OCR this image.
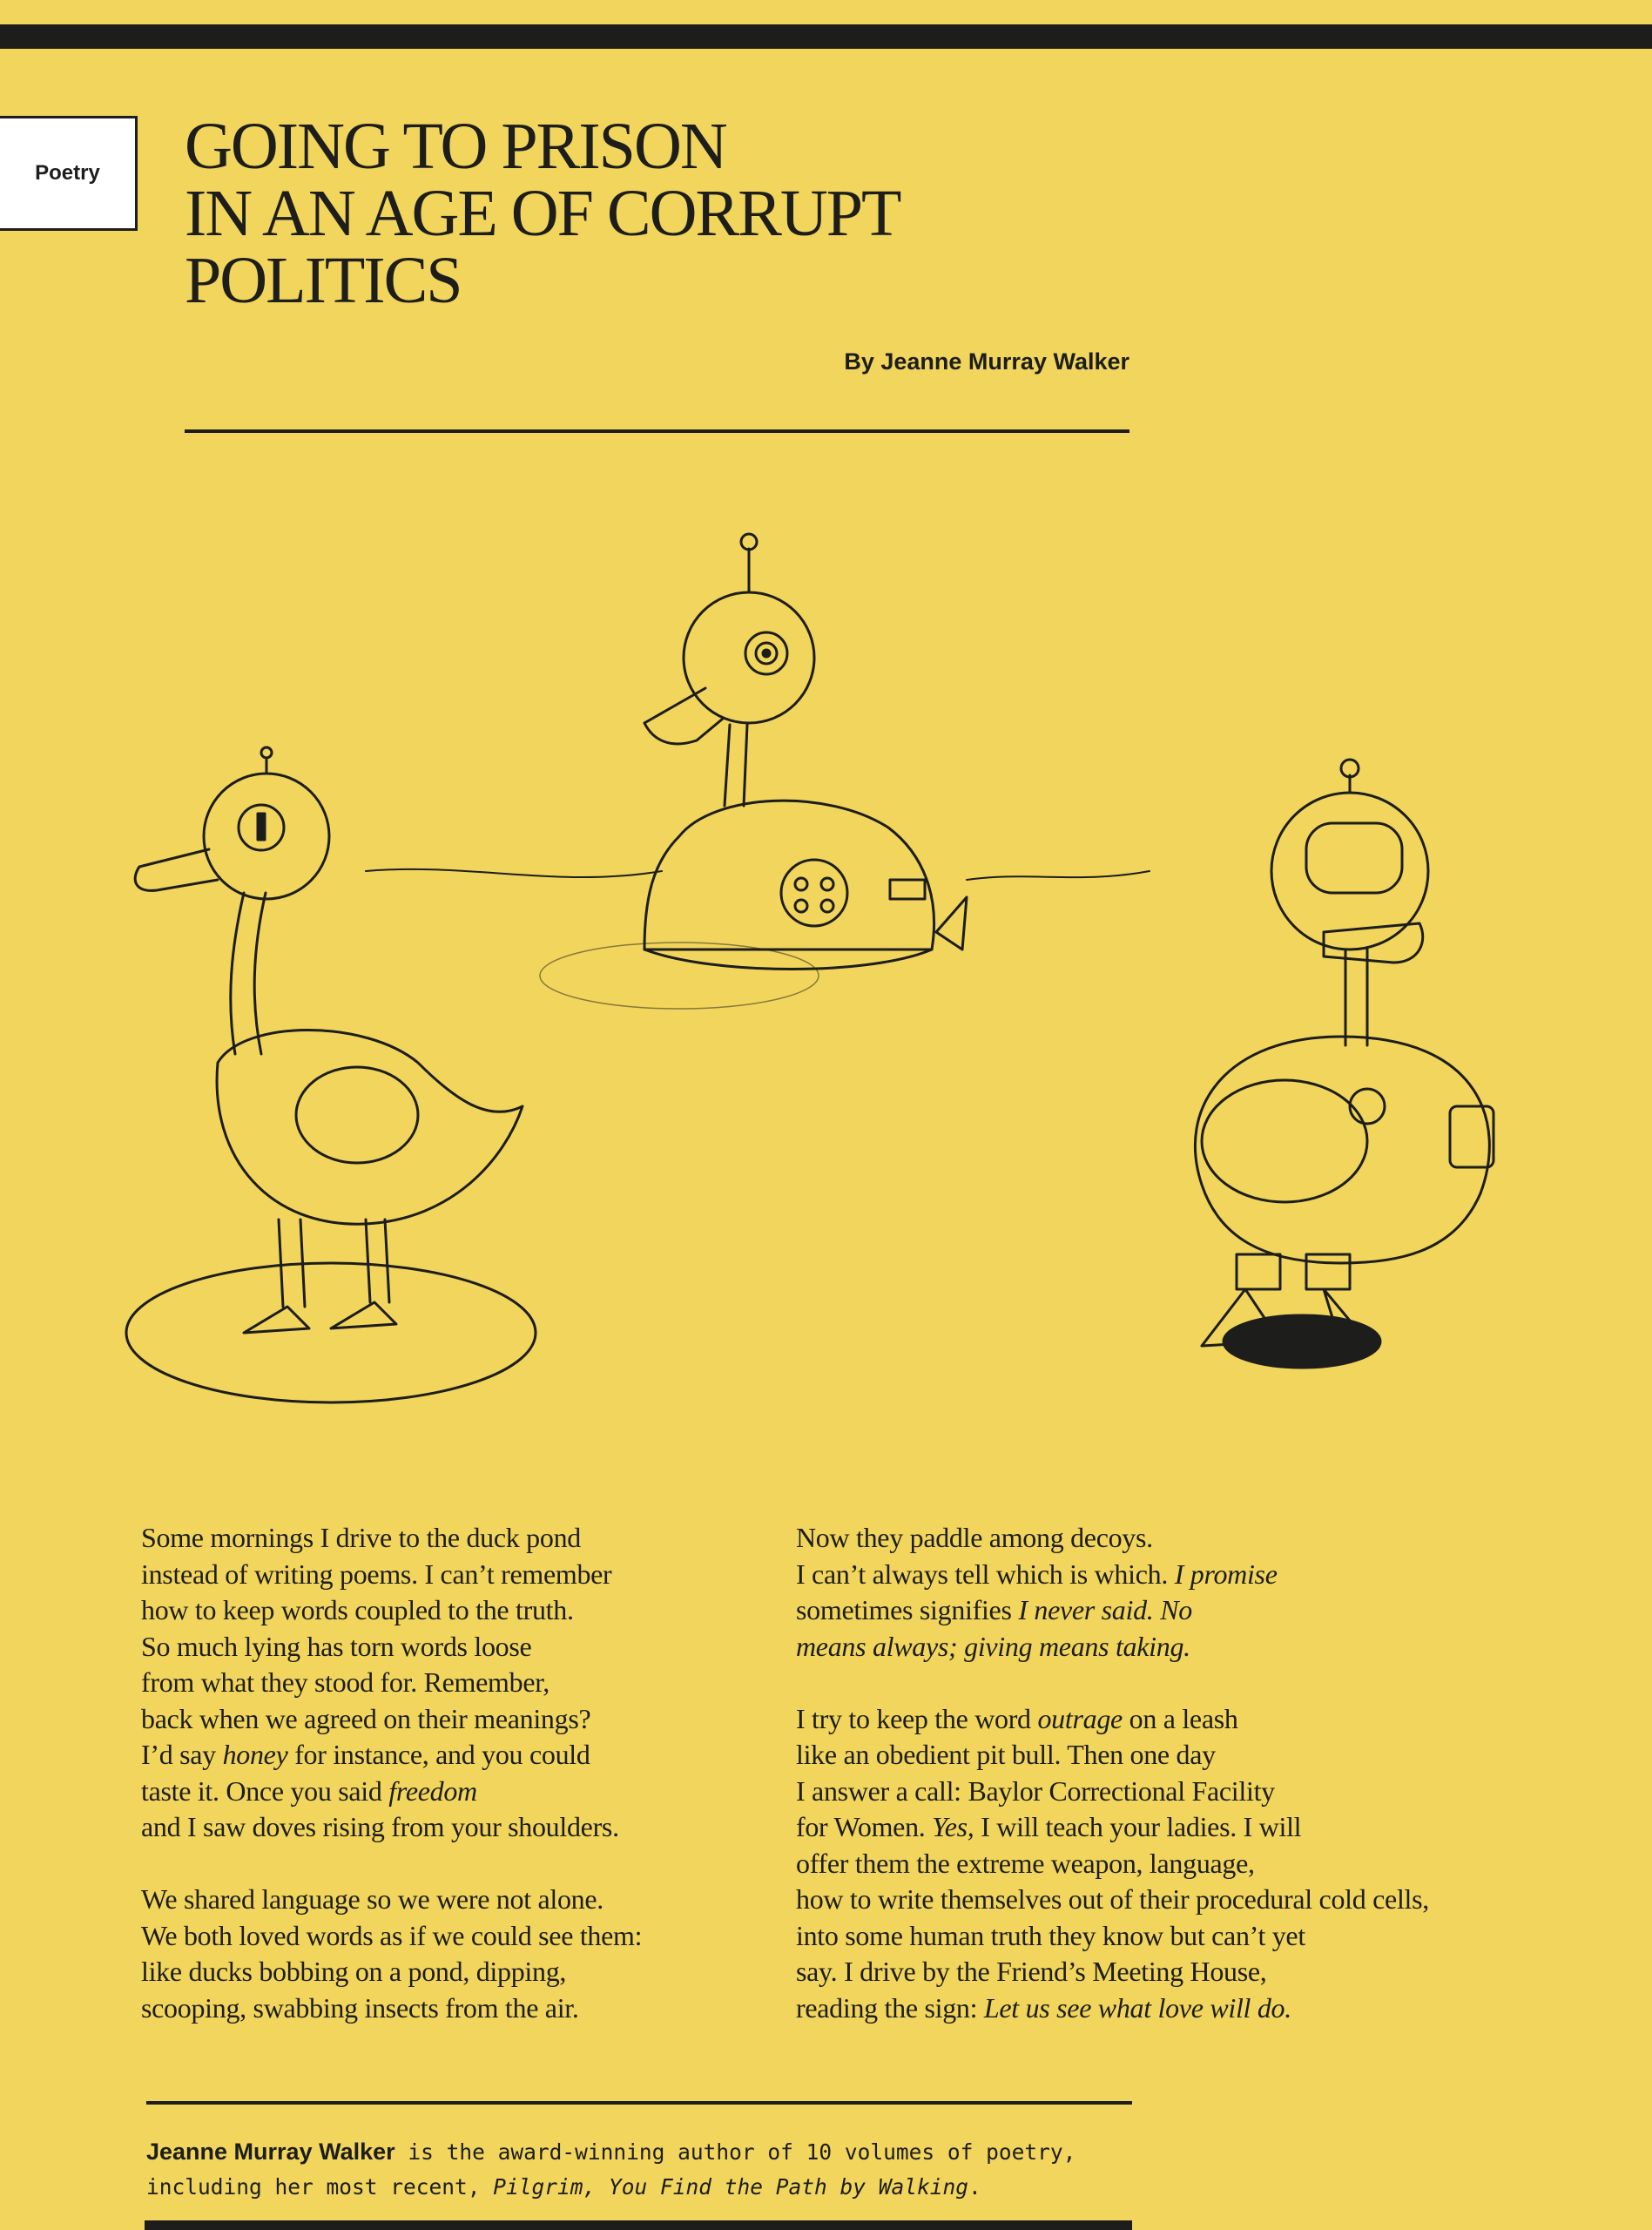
Poetry	GOING TO PRISON
IN AN AGE OF CORRUPT
POLITICS
By Jeanne Murray Walker

Some mornings I drive to the duck pond
instead of writing poems. I can’t remember
how to keep words coupled to the truth.
So much lying has torn words loose
from what they stood for. Remember,
back when we agreed on their meanings?
I’d say honey for instance, and you could
taste it. Once you said freedom
and I saw doves rising from your shoulders.

We shared language so we were not alone.
We both loved words as if we could see them:
like ducks bobbing on a pond, dipping,
scooping, swabbing insects from the air.

Now they paddle among decoys.
I can’t always tell which is which. I promise
sometimes signifies I never said. No
means always; giving means taking.

I try to keep the word outrage on a leash
like an obedient pit bull. Then one day
I answer a call: Baylor Correctional Facility
for Women. Yes, I will teach your ladies. I will
offer them the extreme weapon, language,
how to write themselves out of their procedural cold cells,
into some human truth they know but can’t yet
say. I drive by the Friend’s Meeting House,
reading the sign: Let us see what love will do.

Jeanne Murray Walker is the award-winning author of 10 volumes of poetry,
including her most recent, Pilgrim, You Find the Path by Walking.
